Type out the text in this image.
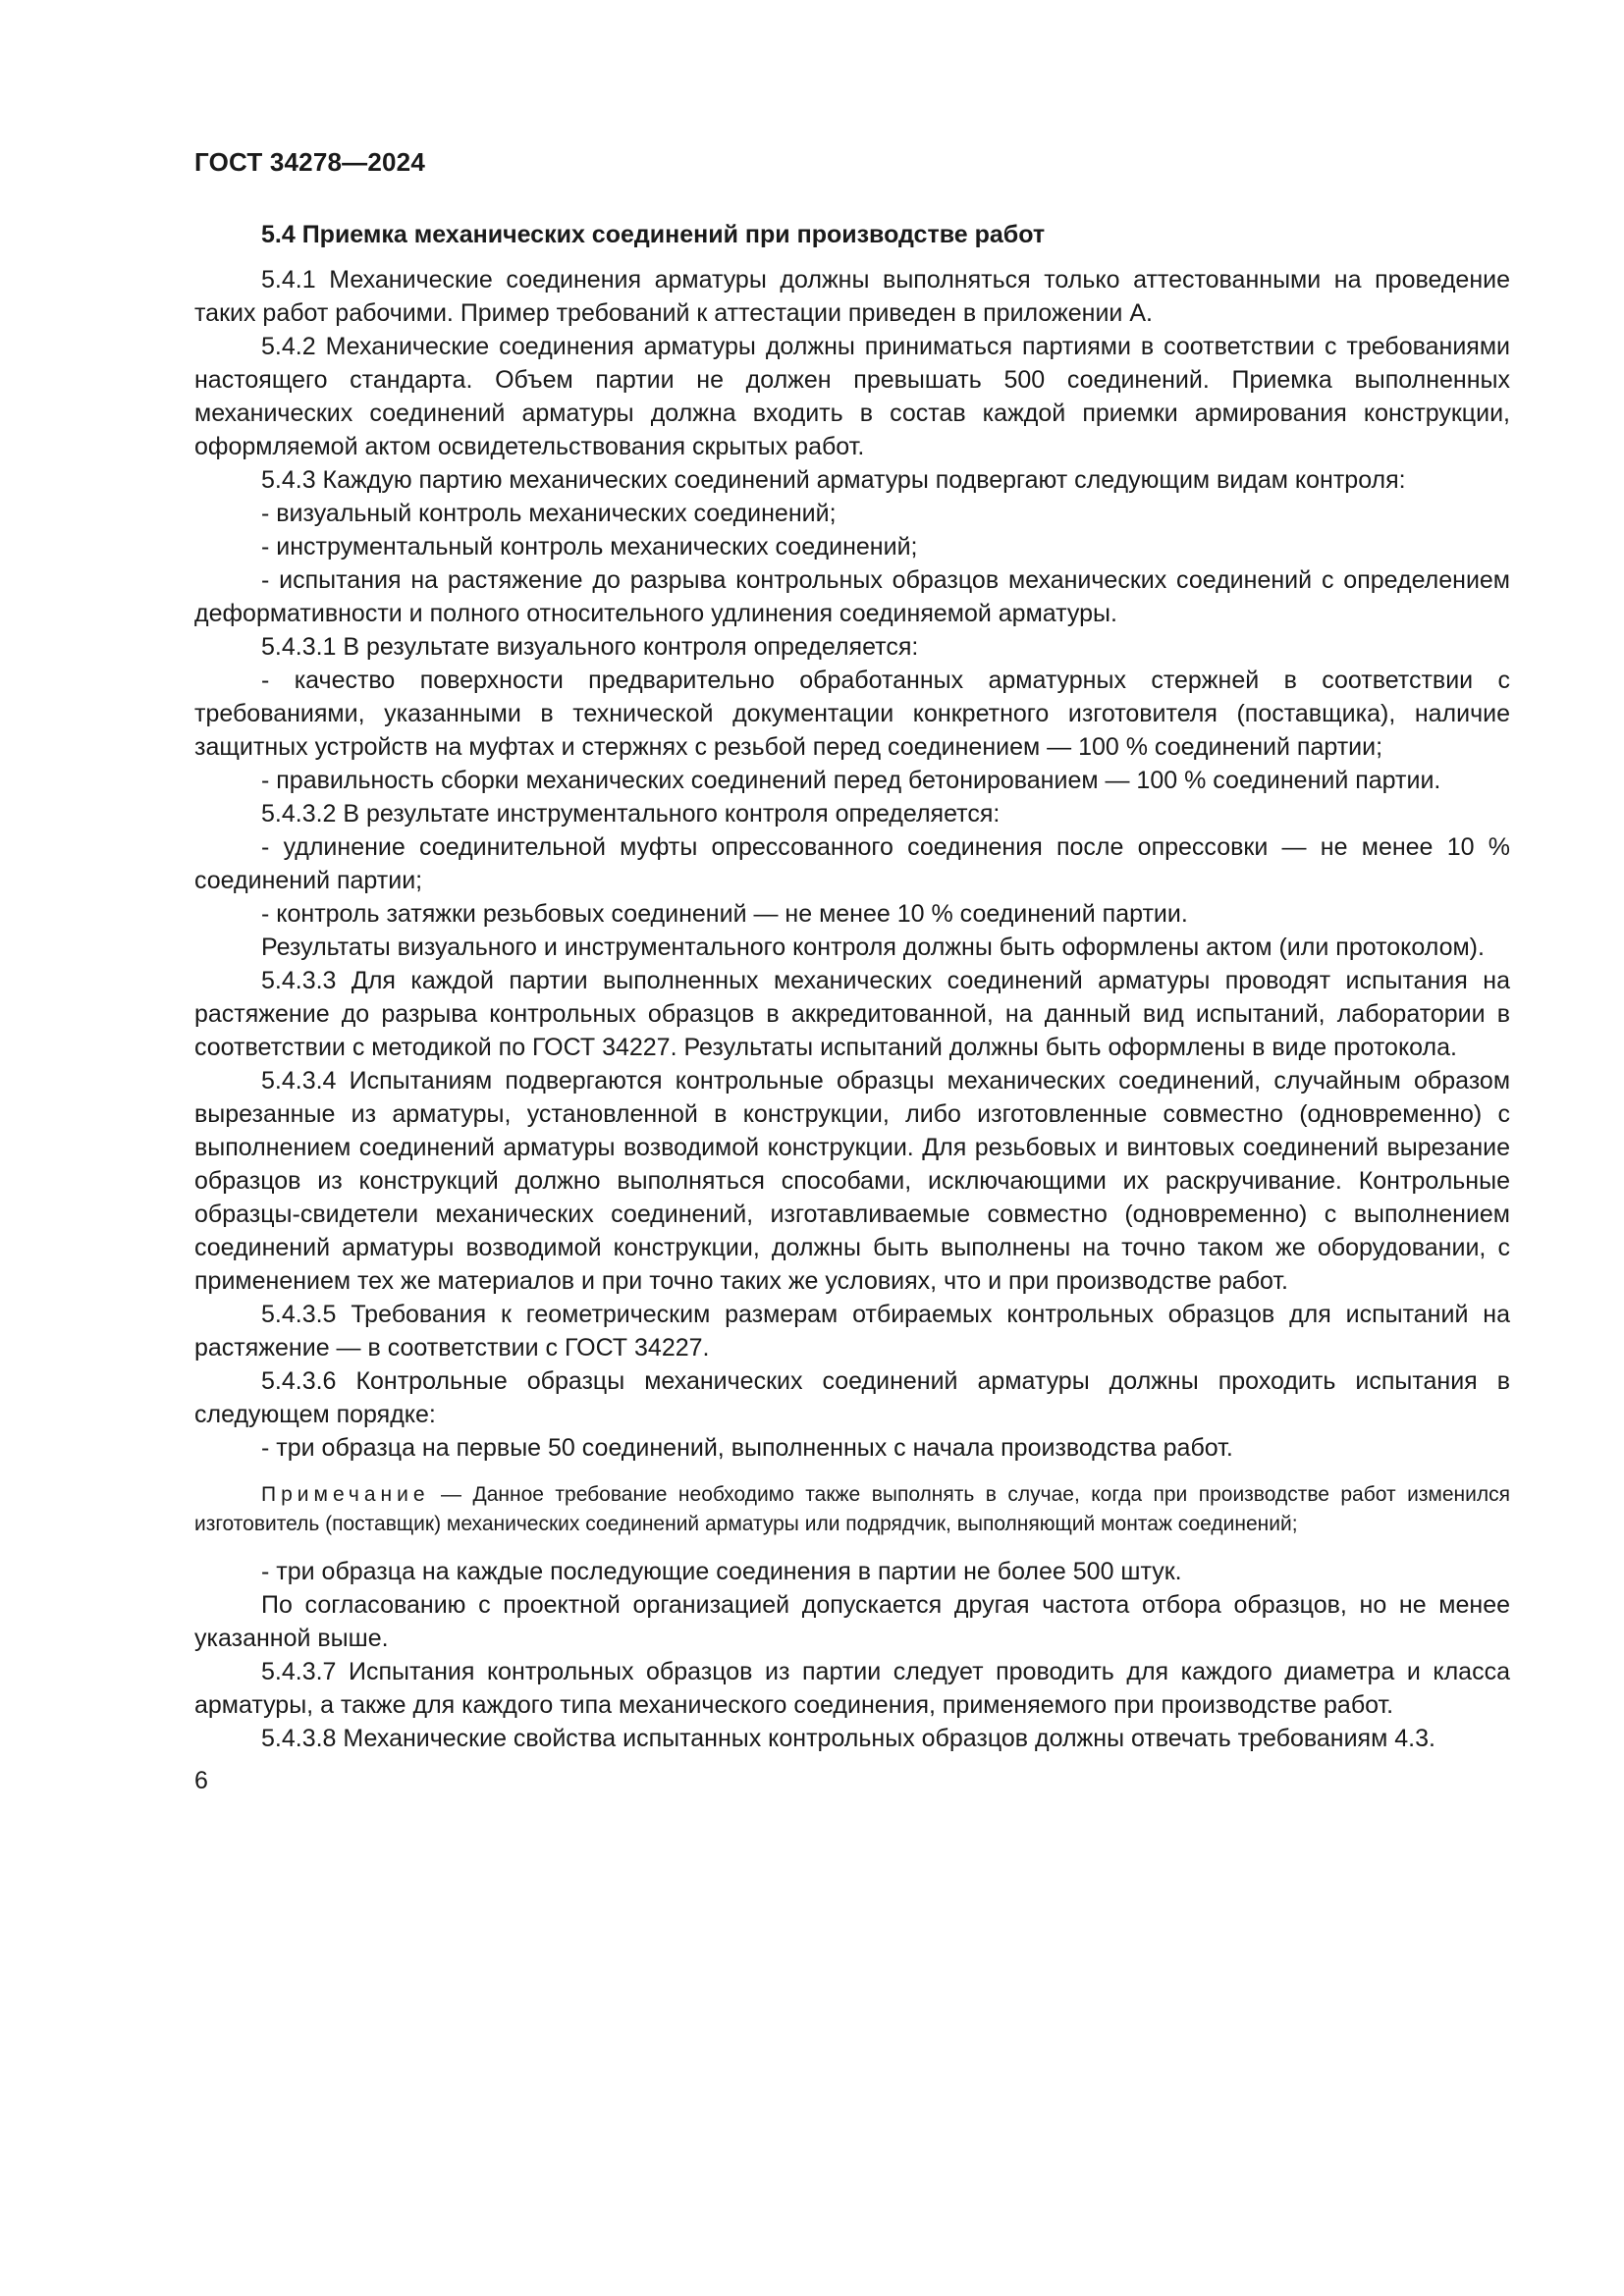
ГОСТ 34278—2024
5.4 Приемка механических соединений при производстве работ

5.4.1 Механические соединения арматуры должны выполняться только аттестованными на проведение таких работ рабочими. Пример требований к аттестации приведен в приложении А.

5.4.2 Механические соединения арматуры должны приниматься партиями в соответствии с требованиями настоящего стандарта. Объем партии не должен превышать 500 соединений. Приемка выполненных механических соединений арматуры должна входить в состав каждой приемки армирования конструкции, оформляемой актом освидетельствования скрытых работ.

5.4.3 Каждую партию механических соединений арматуры подвергают следующим видам контроля:

- визуальный контроль механических соединений;

- инструментальный контроль механических соединений;

- испытания на растяжение до разрыва контрольных образцов механических соединений с определением деформативности и полного относительного удлинения соединяемой арматуры.

5.4.3.1 В результате визуального контроля определяется:

- качество поверхности предварительно обработанных арматурных стержней в соответствии с требованиями, указанными в технической документации конкретного изготовителя (поставщика), наличие защитных устройств на муфтах и стержнях с резьбой перед соединением — 100 % соединений партии;

- правильность сборки механических соединений перед бетонированием — 100 % соединений партии.

5.4.3.2 В результате инструментального контроля определяется:

- удлинение соединительной муфты опрессованного соединения после опрессовки — не менее 10 % соединений партии;

- контроль затяжки резьбовых соединений — не менее 10 % соединений партии.

Результаты визуального и инструментального контроля должны быть оформлены актом (или протоколом).

5.4.3.3 Для каждой партии выполненных механических соединений арматуры проводят испытания на растяжение до разрыва контрольных образцов в аккредитованной, на данный вид испытаний, лаборатории в соответствии с методикой по ГОСТ 34227. Результаты испытаний должны быть оформлены в виде протокола.

5.4.3.4 Испытаниям подвергаются контрольные образцы механических соединений, случайным образом вырезанные из арматуры, установленной в конструкции, либо изготовленные совместно (одновременно) с выполнением соединений арматуры возводимой конструкции. Для резьбовых и винтовых соединений вырезание образцов из конструкций должно выполняться способами, исключающими их раскручивание. Контрольные образцы-свидетели механических соединений, изготавливаемые совместно (одновременно) с выполнением соединений арматуры возводимой конструкции, должны быть выполнены на точно таком же оборудовании, с применением тех же материалов и при точно таких же условиях, что и при производстве работ.

5.4.3.5 Требования к геометрическим размерам отбираемых контрольных образцов для испытаний на растяжение — в соответствии с ГОСТ 34227.

5.4.3.6 Контрольные образцы механических соединений арматуры должны проходить испытания в следующем порядке:

- три образца на первые 50 соединений, выполненных с начала производства работ.

Примечание — Данное требование необходимо также выполнять в случае, когда при производстве работ изменился изготовитель (поставщик) механических соединений арматуры или подрядчик, выполняющий монтаж соединений;

- три образца на каждые последующие соединения в партии не более 500 штук.

По согласованию с проектной организацией допускается другая частота отбора образцов, но не менее указанной выше.

5.4.3.7 Испытания контрольных образцов из партии следует проводить для каждого диаметра и класса арматуры, а также для каждого типа механического соединения, применяемого при производстве работ.

5.4.3.8 Механические свойства испытанных контрольных образцов должны отвечать требованиям 4.3.

6
